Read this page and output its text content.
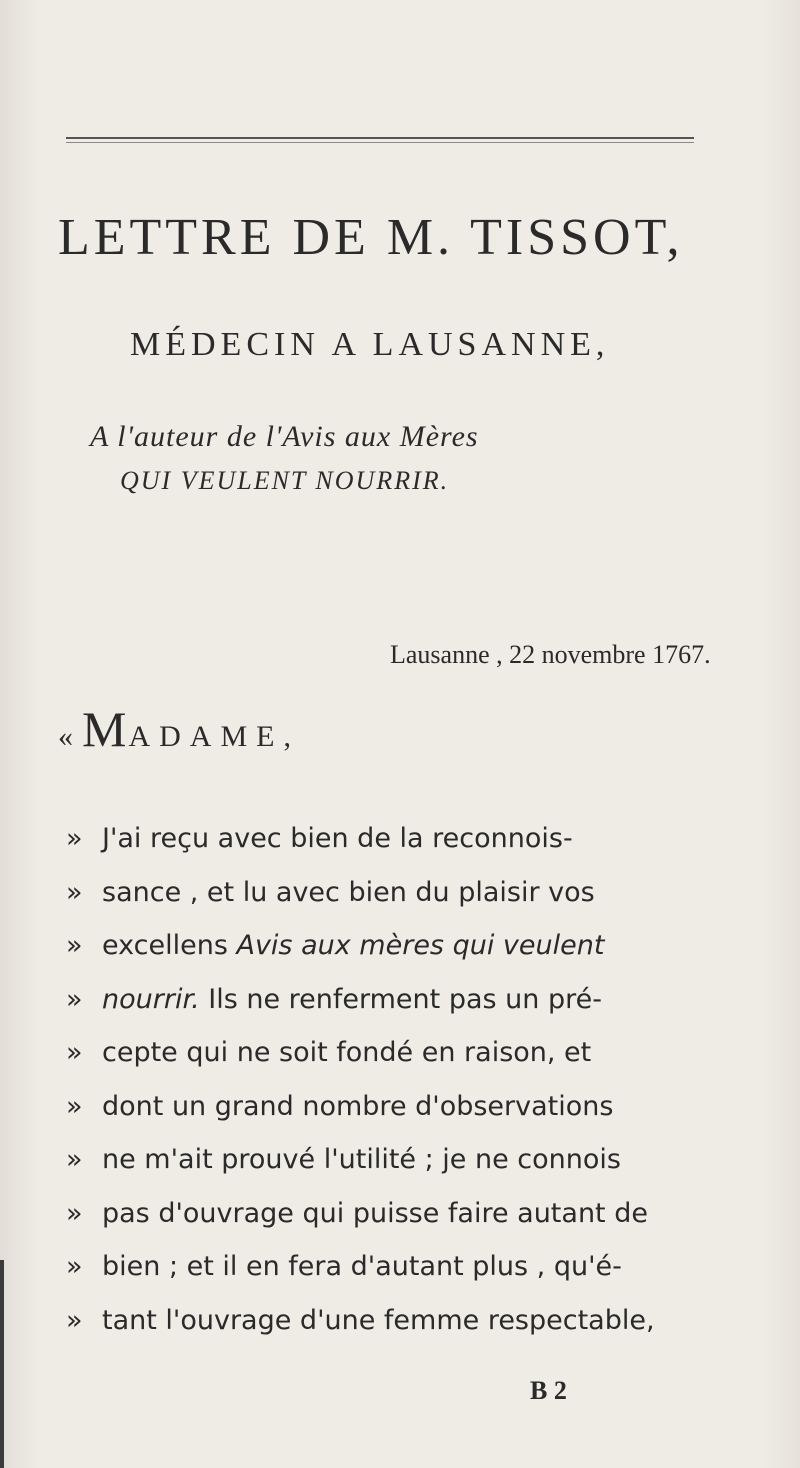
LETTRE DE M. TISSOT,
MÉDECIN A LAUSANNE,
A l'auteur de l'Avis aux Mères
QUI VEULENT NOURRIR.
Lausanne , 22 novembre 1767.
«MADAME,
» J'ai reçu avec bien de la reconnois-
» sance , et lu avec bien du plaisir vos
» excellens Avis aux mères qui veulent
» nourrir. Ils ne renferment pas un pré-
» cepte qui ne soit fondé en raison, et
» dont un grand nombre d'observations
» ne m'ait prouvé l'utilité ; je ne connois
» pas d'ouvrage qui puisse faire autant de
» bien ; et il en fera d'autant plus , qu'é-
» tant l'ouvrage d'une femme respectable,
B 2
